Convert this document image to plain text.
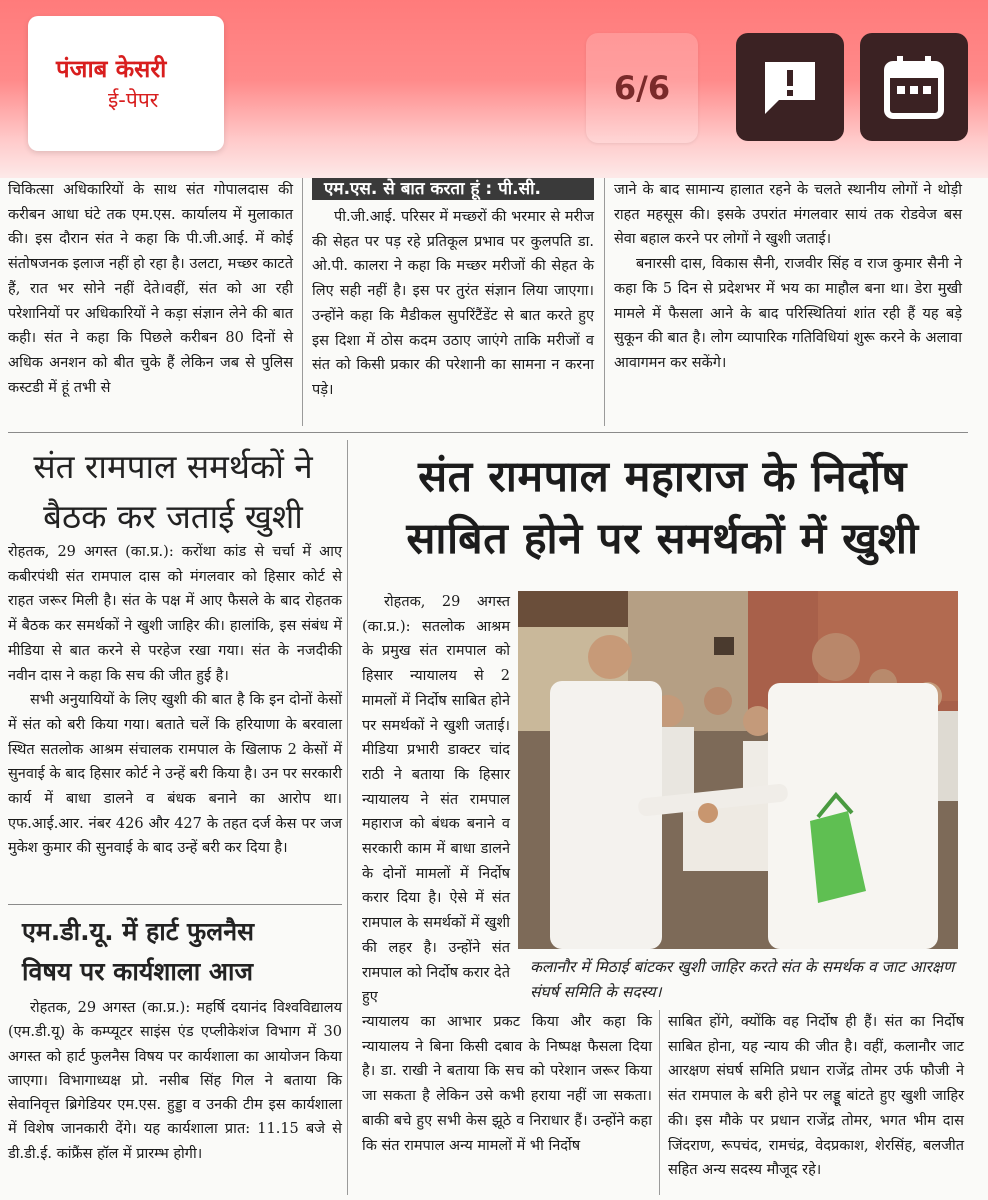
पंजाब केसरी
ई-पेपर	6/6

चिकित्सा अधिकारियों के साथ संत गोपालदास की करीबन आधा घंटे तक एम.एस. कार्यालय में मुलाकात की। इस दौरान संत ने कहा कि पी.जी.आई. में कोई संतोषजनक इलाज नहीं हो रहा है। उलटा, मच्छर काटते हैं, रात भर सोने नहीं देते।वहीं, संत को आ रही परेशानियों पर अधिकारियों ने कड़ा संज्ञान लेने की बात कही। संत ने कहा कि पिछले करीबन 80 दिनों से अधिक अनशन को बीत चुके हैं लेकिन जब से पुलिस कस्टडी में हूं तभी से

एम.एस. से बात करता हूं : पी.सी.

पी.जी.आई. परिसर में मच्छरों की भरमार से मरीज की सेहत पर पड़ रहे प्रतिकूल प्रभाव पर कुलपति डा. ओ.पी. कालरा ने कहा कि मच्छर मरीजों की सेहत के लिए सही नहीं है। इस पर तुरंत संज्ञान लिया जाएगा। उन्होंने कहा कि मैडीकल सुपरिंटैंडेंट से बात करते हुए इस दिशा में ठोस कदम उठाए जाएंगे ताकि मरीजों व संत को किसी प्रकार की परेशानी का सामना न करना पड़े।

जाने के बाद सामान्य हालात रहने के चलते स्थानीय लोगों ने थोड़ी राहत महसूस की। इसके उपरांत मंगलवार सायं तक रोडवेज बस सेवा बहाल करने पर लोगों ने खुशी जताई।

बनारसी दास, विकास सैनी, राजवीर सिंह व राज कुमार सैनी ने कहा कि 5 दिन से प्रदेशभर में भय का माहौल बना था। डेरा मुखी मामले में फैसला आने के बाद परिस्थितियां शांत रही हैं यह बड़े सुकून की बात है। लोग व्यापारिक गतिविधियां शुरू करने के अलावा आवागमन कर सकेंगे।

संत रामपाल समर्थकों ने
बैठक कर जताई खुशी

रोहतक, 29 अगस्त (का.प्र.): करोंथा कांड से चर्चा में आए कबीरपंथी संत रामपाल दास को मंगलवार को हिसार कोर्ट से राहत जरूर मिली है। संत के पक्ष में आए फैसले के बाद रोहतक में बैठक कर समर्थकों ने खुशी जाहिर की। हालांकि, इस संबंध में मीडिया से बात करने से परहेज रखा गया। संत के नजदीकी नवीन दास ने कहा कि सच की जीत हुई है।

सभी अनुयायियों के लिए खुशी की बात है कि इन दोनों केसों में संत को बरी किया गया। बताते चलें कि हरियाणा के बरवाला स्थित सतलोक आश्रम संचालक रामपाल के खिलाफ 2 केसों में सुनवाई के बाद हिसार कोर्ट ने उन्हें बरी किया है। उन पर सरकारी कार्य में बाधा डालने व बंधक बनाने का आरोप था। एफ.आई.आर. नंबर 426 और 427 के तहत दर्ज केस पर जज मुकेश कुमार की सुनवाई के बाद उन्हें बरी कर दिया है।

एम.डी.यू. में हार्ट फुलनैस
विषय पर कार्यशाला आज

रोहतक, 29 अगस्त (का.प्र.): महर्षि दयानंद विश्वविद्यालय (एम.डी.यू) के कम्प्यूटर साइंस एंड एप्लीकेशंज विभाग में 30 अगस्त को हार्ट फुलनैस विषय पर कार्यशाला का आयोजन किया जाएगा। विभागाध्यक्ष प्रो. नसीब सिंह गिल ने बताया कि सेवानिवृत्त ब्रिगेडियर एम.एस. हुड्डा व उनकी टीम इस कार्यशाला में विशेष जानकारी देंगे। यह कार्यशाला प्रात: 11.15 बजे से डी.डी.ई. कांफ्रैंस हॉल में प्रारम्भ होगी।

संत रामपाल महाराज के निर्दोष
साबित होने पर समर्थकों में खुशी

रोहतक, 29 अगस्त (का.प्र.): सतलोक आश्रम के प्रमुख संत रामपाल को हिसार न्यायालय से 2 मामलों में निर्दोष साबित होने पर समर्थकों ने खुशी जताई। मीडिया प्रभारी डाक्टर चांद राठी ने बताया कि हिसार न्यायालय ने संत रामपाल महाराज को बंधक बनाने व सरकारी काम में बाधा डालने के दोनों मामलों में निर्दोष करार दिया है। ऐसे में संत रामपाल के समर्थकों में खुशी की लहर है। उन्होंने संत रामपाल को निर्दोष करार देते हुए

कलानौर में मिठाई बांटकर खुशी जाहिर करते संत के समर्थक व जाट आरक्षण संघर्ष समिति के सदस्य।

न्यायालय का आभार प्रकट किया और कहा कि न्यायालय ने बिना किसी दबाव के निष्पक्ष फैसला दिया है। डा. राखी ने बताया कि सच को परेशान जरूर किया जा सकता है लेकिन उसे कभी हराया नहीं जा सकता। बाकी बचे हुए सभी केस झूठे व निराधार हैं। उन्होंने कहा कि संत रामपाल अन्य मामलों में भी निर्दोष

साबित होंगे, क्योंकि वह निर्दोष ही हैं। संत का निर्दोष साबित होना, यह न्याय की जीत है। वहीं, कलानौर जाट आरक्षण संघर्ष समिति प्रधान राजेंद्र तोमर उर्फ फौजी ने संत रामपाल के बरी होने पर लड्डू बांटते हुए खुशी जाहिर की। इस मौके पर प्रधान राजेंद्र तोमर, भगत भीम दास जिंदराण, रूपचंद, रामचंद्र, वेदप्रकाश, शेरसिंह, बलजीत सहित अन्य सदस्य मौजूद रहे।
